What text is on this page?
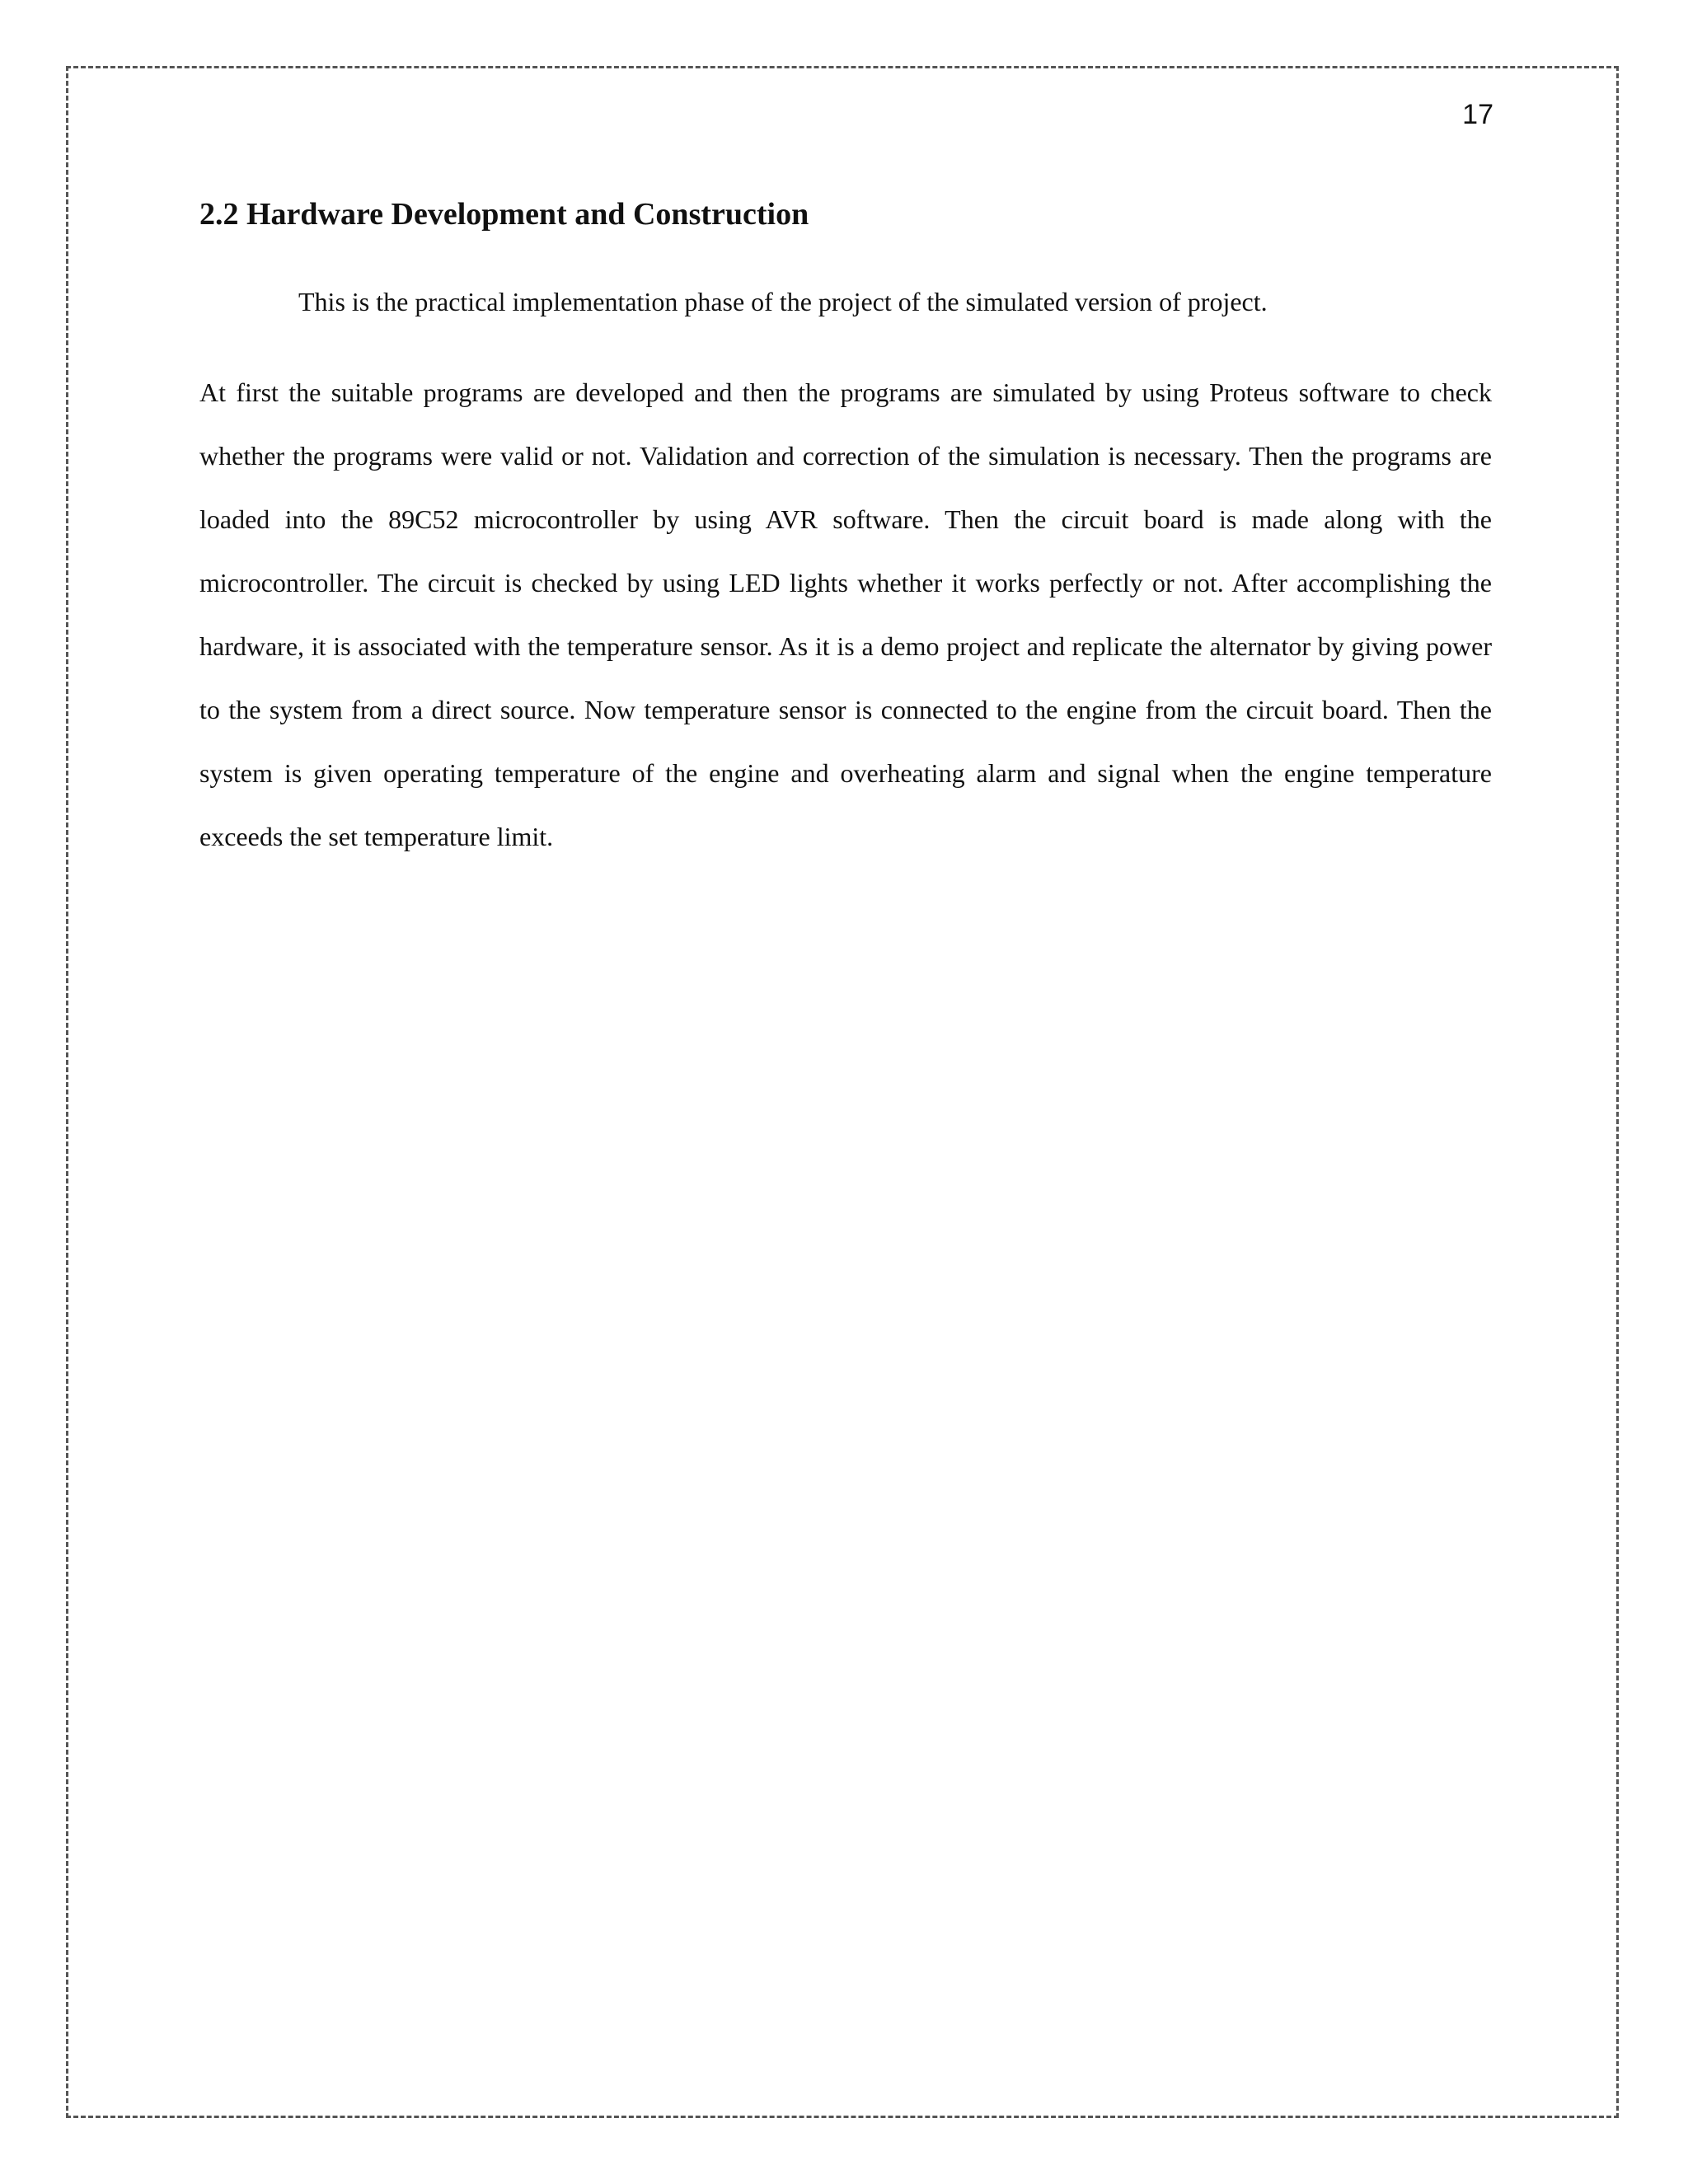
17

2.2 Hardware Development and Construction

This is the practical implementation phase of the project of the simulated version of project.

At first the suitable programs are developed and then the programs are simulated by using Proteus software to check whether the programs were valid or not. Validation and correction of the simulation is necessary. Then the programs are loaded into the 89C52 microcontroller by using AVR software. Then the circuit board is made along with the microcontroller. The circuit is checked by using LED lights whether it works perfectly or not. After accomplishing the hardware, it is associated with the temperature sensor. As it is a demo project and replicate the alternator by giving power to the system from a direct source. Now temperature sensor is connected to the engine from the circuit board. Then the system is given operating temperature of the engine and overheating alarm and signal when the engine temperature exceeds the set temperature limit.
